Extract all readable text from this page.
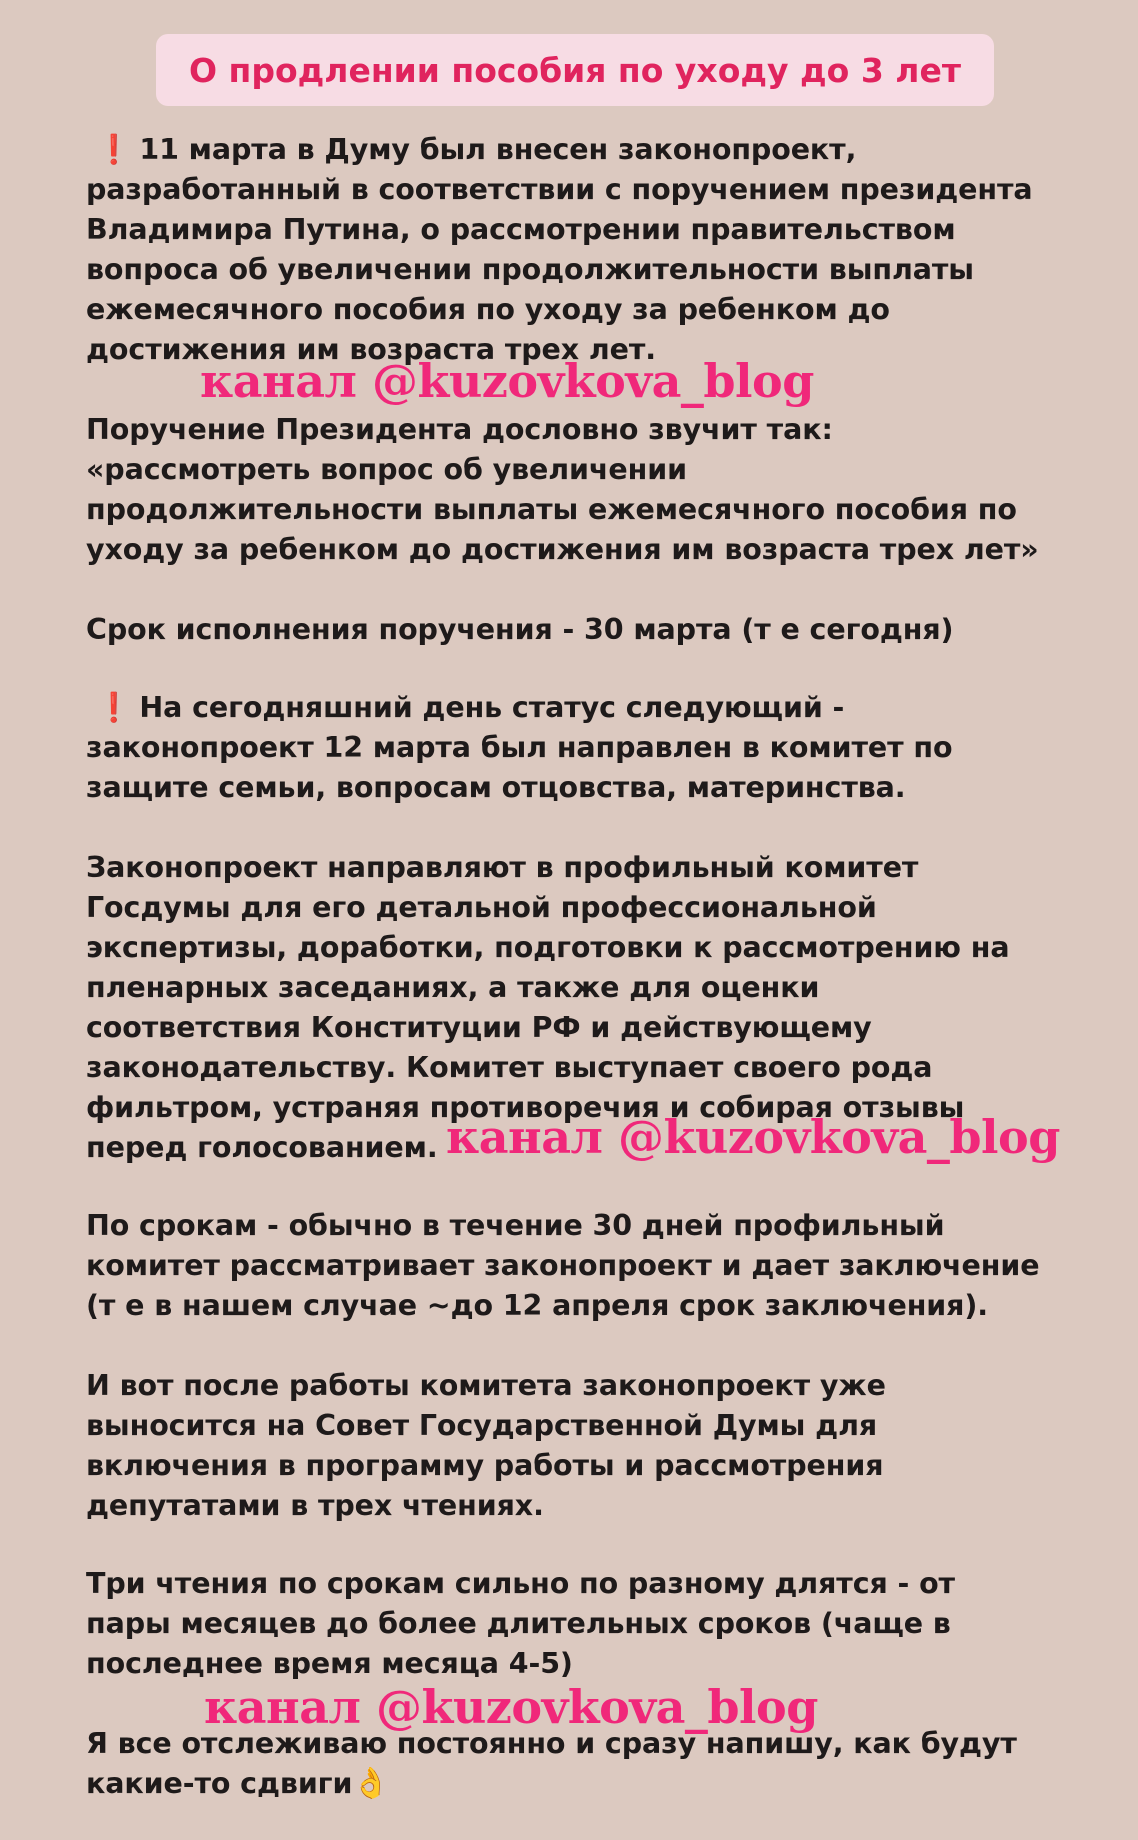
О продлении пособия по уходу до 3 лет
❗ 11 марта в Думу был внесен законопроект,
разработанный в соответствии с поручением президента
Владимира Путина, о рассмотрении правительством
вопроса об увеличении продолжительности выплаты
ежемесячного пособия по уходу за ребенком до
достижения им возраста трех лет.
Поручение Президента дословно звучит так:
«рассмотреть вопрос об увеличении
продолжительности выплаты ежемесячного пособия по
уходу за ребенком до достижения им возраста трех лет»
Срок исполнения поручения - 30 марта (т е сегодня)
❗ На сегодняшний день статус следующий -
законопроект 12 марта был направлен в комитет по
защите семьи, вопросам отцовства, материнства.
Законопроект направляют в профильный комитет
Госдумы для его детальной профессиональной
экспертизы, доработки, подготовки к рассмотрению на
пленарных заседаниях, а также для оценки
соответствия Конституции РФ и действующему
законодательству. Комитет выступает своего рода
фильтром, устраняя противоречия и собирая отзывы
перед голосованием.
По срокам - обычно в течение 30 дней профильный
комитет рассматривает законопроект и дает заключение
(т е в нашем случае ~до 12 апреля срок заключения).
И вот после работы комитета законопроект уже
выносится на Совет Государственной Думы для
включения в программу работы и рассмотрения
депутатами в трех чтениях.
Три чтения по срокам сильно по разному длятся - от
пары месяцев до более длительных сроков (чаще в
последнее время месяца 4-5)
Я все отслеживаю постоянно и сразу напишу, как будут
какие-то сдвиги👌
канал @kuzovkova_blog
канал @kuzovkova_blog
канал @kuzovkova_blog
